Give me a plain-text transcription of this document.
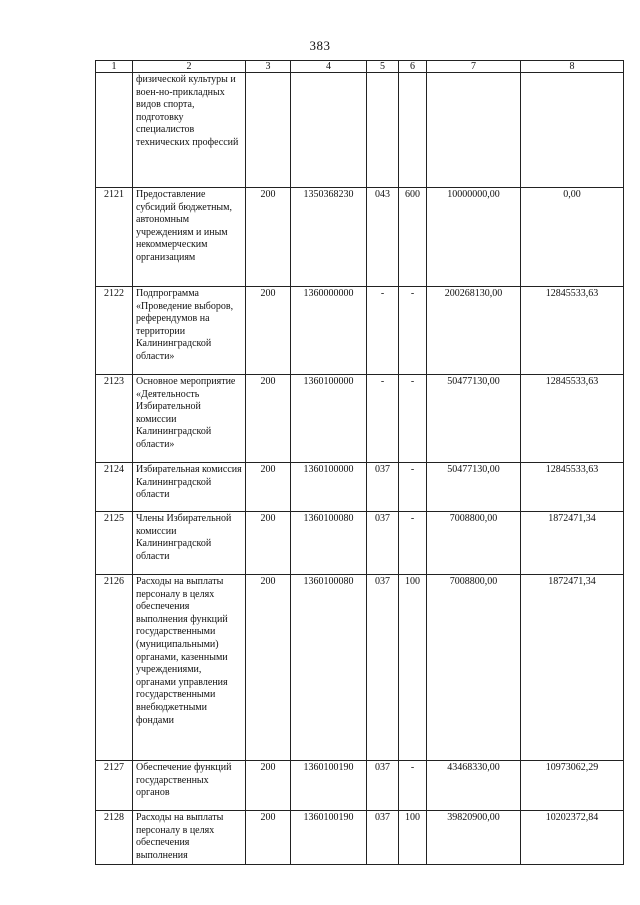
383
1	2	3	4	5	6	7	8
	физической культуры и воен-но-прикладных видов спорта, подготовку специалистов технических профессий						
2121	Предоставление субсидий бюджетным, автономным учреждениям и иным некоммерческим организациям	200	1350368230	043	600	10000000,00	0,00
2122	Подпрограмма «Проведение выборов, референдумов на территории Калининградской области»	200	1360000000	-	-	200268130,00	12845533,63
2123	Основное мероприятие «Деятельность Избирательной комиссии Калининградской области»	200	1360100000	-	-	50477130,00	12845533,63
2124	Избирательная комиссия Калининградской области	200	1360100000	037	-	50477130,00	12845533,63
2125	Члены Избирательной комиссии Калининградской области	200	1360100080	037	-	7008800,00	1872471,34
2126	Расходы на выплаты персоналу в целях обеспечения выполнения функций государственными (муниципальными) органами, казенными учреждениями, органами управления государственными внебюджетными фондами	200	1360100080	037	100	7008800,00	1872471,34
2127	Обеспечение функций государственных органов	200	1360100190	037	-	43468330,00	10973062,29
2128	Расходы на выплаты персоналу в целях обеспечения выполнения	200	1360100190	037	100	39820900,00	10202372,84
